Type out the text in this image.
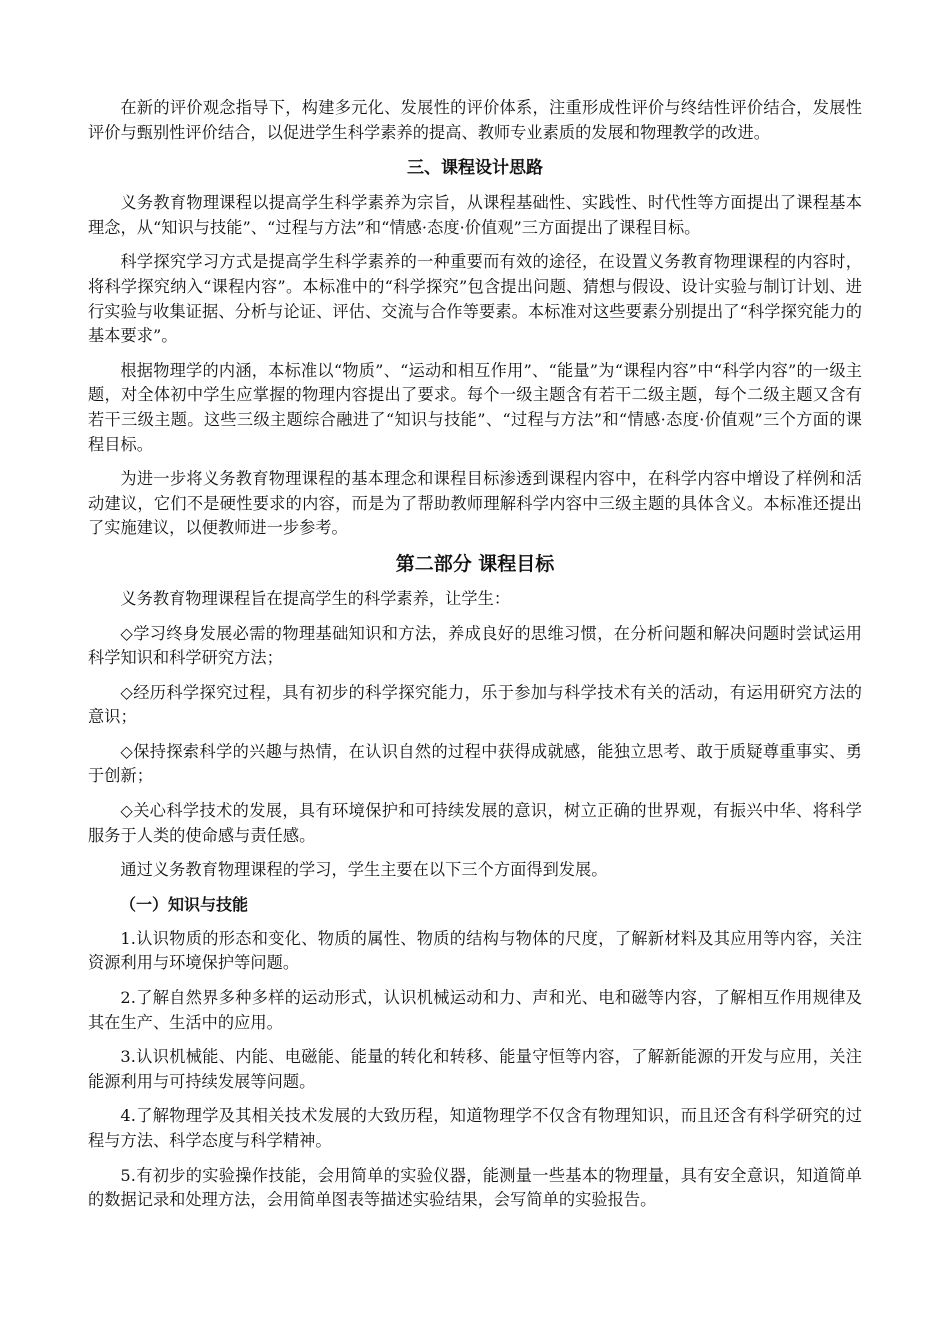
在新的评价观念指导下，构建多元化、发展性的评价体系，注重形成性评价与终结性评价结合，发展性评价与甄别性评价结合，以促进学生科学素养的提高、教师专业素质的发展和物理教学的改进。

三、课程设计思路

义务教育物理课程以提高学生科学素养为宗旨，从课程基础性、实践性、时代性等方面提出了课程基本理念，从“知识与技能”、“过程与方法”和“情感·态度·价值观”三方面提出了课程目标。

科学探究学习方式是提高学生科学素养的一种重要而有效的途径，在设置义务教育物理课程的内容时，将科学探究纳入“课程内容”。本标准中的“科学探究”包含提出问题、猜想与假设、设计实验与制订计划、进行实验与收集证据、分析与论证、评估、交流与合作等要素。本标准对这些要素分别提出了“科学探究能力的基本要求”。

根据物理学的内涵，本标准以“物质”、“运动和相互作用”、“能量”为“课程内容”中“科学内容”的一级主题，对全体初中学生应掌握的物理内容提出了要求。每个一级主题含有若干二级主题，每个二级主题又含有若干三级主题。这些三级主题综合融进了“知识与技能”、“过程与方法”和“情感·态度·价值观”三个方面的课程目标。

为进一步将义务教育物理课程的基本理念和课程目标渗透到课程内容中，在科学内容中增设了样例和活动建议，它们不是硬性要求的内容，而是为了帮助教师理解科学内容中三级主题的具体含义。本标准还提出了实施建议，以便教师进一步参考。

第二部分 课程目标

义务教育物理课程旨在提高学生的科学素养，让学生：

◇学习终身发展必需的物理基础知识和方法，养成良好的思维习惯，在分析问题和解决问题时尝试运用科学知识和科学研究方法；

◇经历科学探究过程，具有初步的科学探究能力，乐于参加与科学技术有关的活动，有运用研究方法的意识；

◇保持探索科学的兴趣与热情，在认识自然的过程中获得成就感，能独立思考、敢于质疑尊重事实、勇于创新；

◇关心科学技术的发展，具有环境保护和可持续发展的意识，树立正确的世界观，有振兴中华、将科学服务于人类的使命感与责任感。

通过义务教育物理课程的学习，学生主要在以下三个方面得到发展。

（一）知识与技能

1.认识物质的形态和变化、物质的属性、物质的结构与物体的尺度，了解新材料及其应用等内容，关注资源利用与环境保护等问题。

2.了解自然界多种多样的运动形式，认识机械运动和力、声和光、电和磁等内容，了解相互作用规律及其在生产、生活中的应用。

3.认识机械能、内能、电磁能、能量的转化和转移、能量守恒等内容，了解新能源的开发与应用，关注能源利用与可持续发展等问题。

4.了解物理学及其相关技术发展的大致历程，知道物理学不仅含有物理知识，而且还含有科学研究的过程与方法、科学态度与科学精神。

5.有初步的实验操作技能，会用简单的实验仪器，能测量一些基本的物理量，具有安全意识，知道简单的数据记录和处理方法，会用简单图表等描述实验结果，会写简单的实验报告。
